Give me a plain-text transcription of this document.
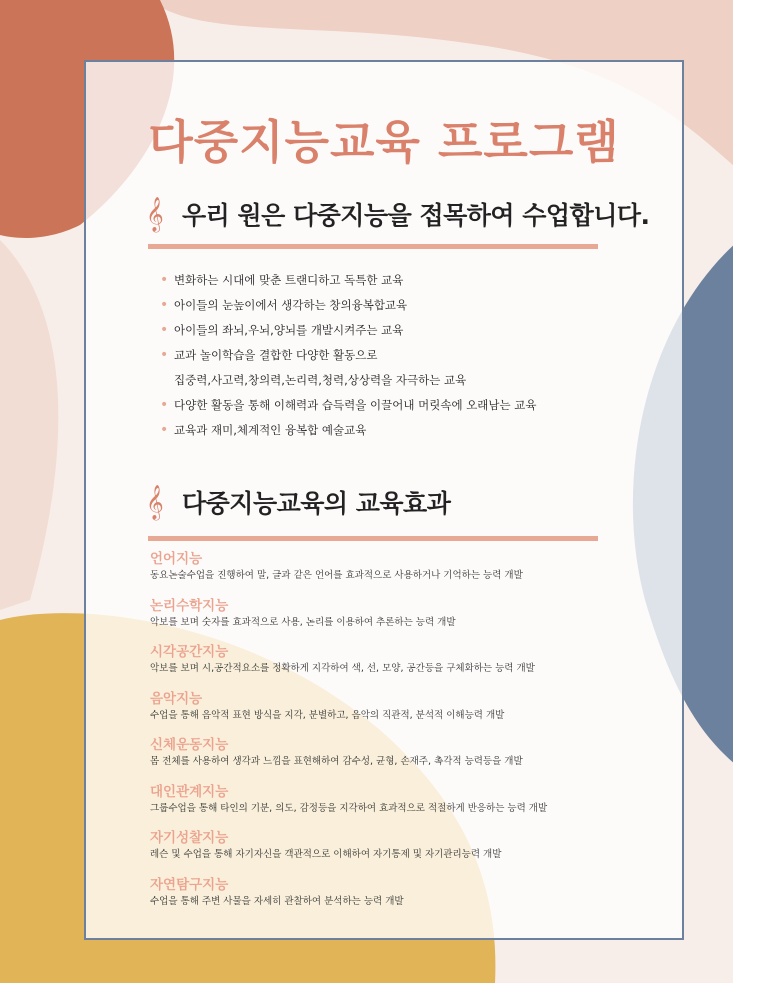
다중지능교육 프로그램
𝄞 우리 원은 다중지능을 접목하여 수업합니다.
• 변화하는 시대에 맞춘 트랜디하고 독특한 교육
• 아이들의 눈높이에서 생각하는 창의융복합교육
• 아이들의 좌뇌,우뇌,양뇌를 개발시켜주는 교육
• 교과 놀이학습을 결합한 다양한 활동으로
집중력,사고력,창의력,논리력,청력,상상력을 자극하는 교육
• 다양한 활동을 통해 이해력과 습득력을 이끌어내 머릿속에 오래남는 교육
• 교육과 재미,체계적인 융복합 예술교육
𝄞 다중지능교육의 교육효과
언어지능
동요논술수업을 진행하여 말, 글과 같은 언어를 효과적으로 사용하거나 기억하는 능력 개발
논리수학지능
악보를 보며 숫자를 효과적으로 사용, 논리를 이용하여 추론하는 능력 개발
시각공간지능
악보를 보며 시,공간적요소를 정확하게 지각하여 색, 선, 모양, 공간등을 구체화하는 능력 개발
음악지능
수업을 통해 음악적 표현 방식을 지각, 분별하고, 음악의 직관적, 분석적 이해능력 개발
신체운동지능
몸 전체를 사용하여 생각과 느낌을 표현해하여 감수성, 균형, 손재주, 촉각적 능력등을 개발
대인관계지능
그룹수업을 통해 타인의 기분, 의도, 감정등을 지각하여 효과적으로 적절하게 반응하는 능력 개발
자기성찰지능
레슨 및 수업을 통해 자기자신을 객관적으로 이해하여 자기통제 및 자기관리능력 개발
자연탐구지능
수업을 통해 주변 사물을 자세히 관찰하여 분석하는 능력 개발
